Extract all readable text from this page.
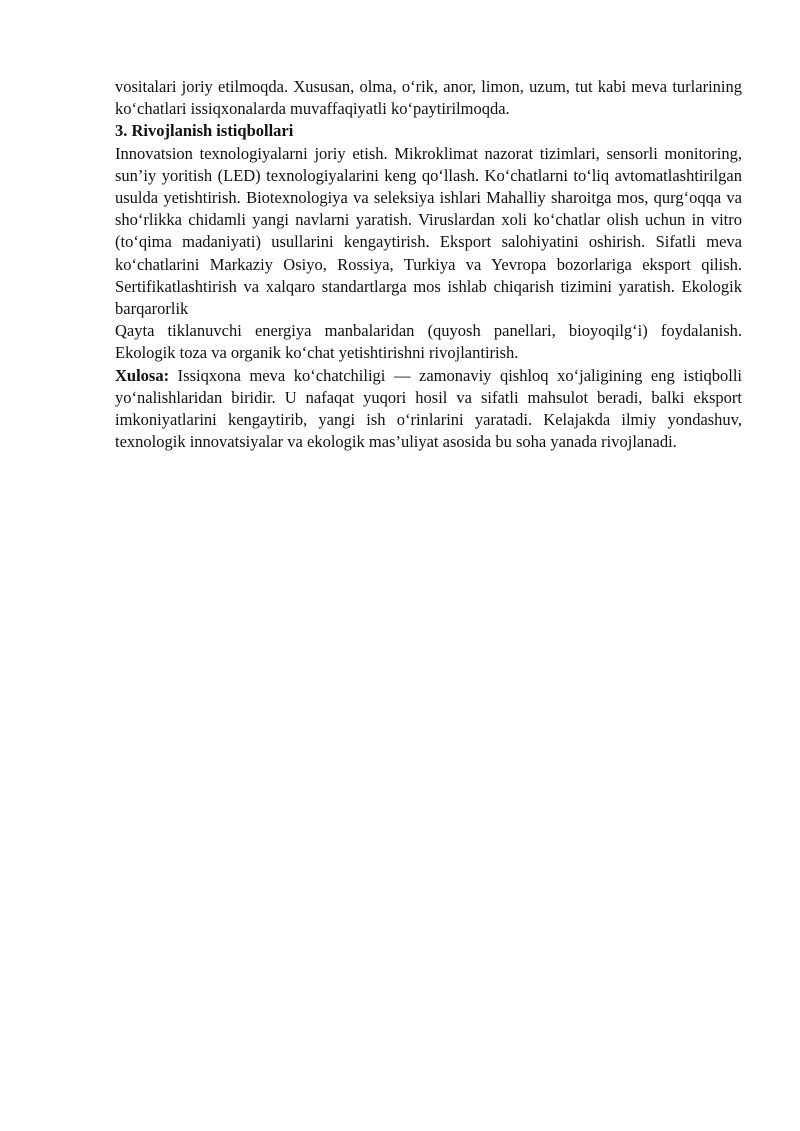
vositalari joriy etilmoqda. Xususan, olma, o‘rik, anor, limon, uzum, tut kabi meva turlarining ko‘chatlari issiqxonalarda muvaffaqiyatli ko‘paytirilmoqda.

3. Rivojlanish istiqbollari

Innovatsion texnologiyalarni joriy etish. Mikroklimat nazorat tizimlari, sensorli monitoring, sun’iy yoritish (LED) texnologiyalarini keng qo‘llash. Ko‘chatlarni to‘liq avtomatlashtirilgan usulda yetishtirish. Biotexnologiya va seleksiya ishlari Mahalliy sharoitga mos, qurg‘oqqa va sho‘rlikka chidamli yangi navlarni yaratish. Viruslardan xoli ko‘chatlar olish uchun in vitro (to‘qima madaniyati) usullarini kengaytirish. Eksport salohiyatini oshirish. Sifatli meva ko‘chatlarini Markaziy Osiyo, Rossiya, Turkiya va Yevropa bozorlariga eksport qilish. Sertifikatlashtirish va xalqaro standartlarga mos ishlab chiqarish tizimini yaratish. Ekologik barqarorlik

Qayta tiklanuvchi energiya manbalaridan (quyosh panellari, bioyoqilg‘i) foydalanish. Ekologik toza va organik ko‘chat yetishtirishni rivojlantirish.

Xulosa: Issiqxona meva ko‘chatchiligi — zamonaviy qishloq xo‘jaligining eng istiqbolli yo‘nalishlaridan biridir. U nafaqat yuqori hosil va sifatli mahsulot beradi, balki eksport imkoniyatlarini kengaytirib, yangi ish o‘rinlarini yaratadi. Kelajakda ilmiy yondashuv, texnologik innovatsiyalar va ekologik mas’uliyat asosida bu soha yanada rivojlanadi.
